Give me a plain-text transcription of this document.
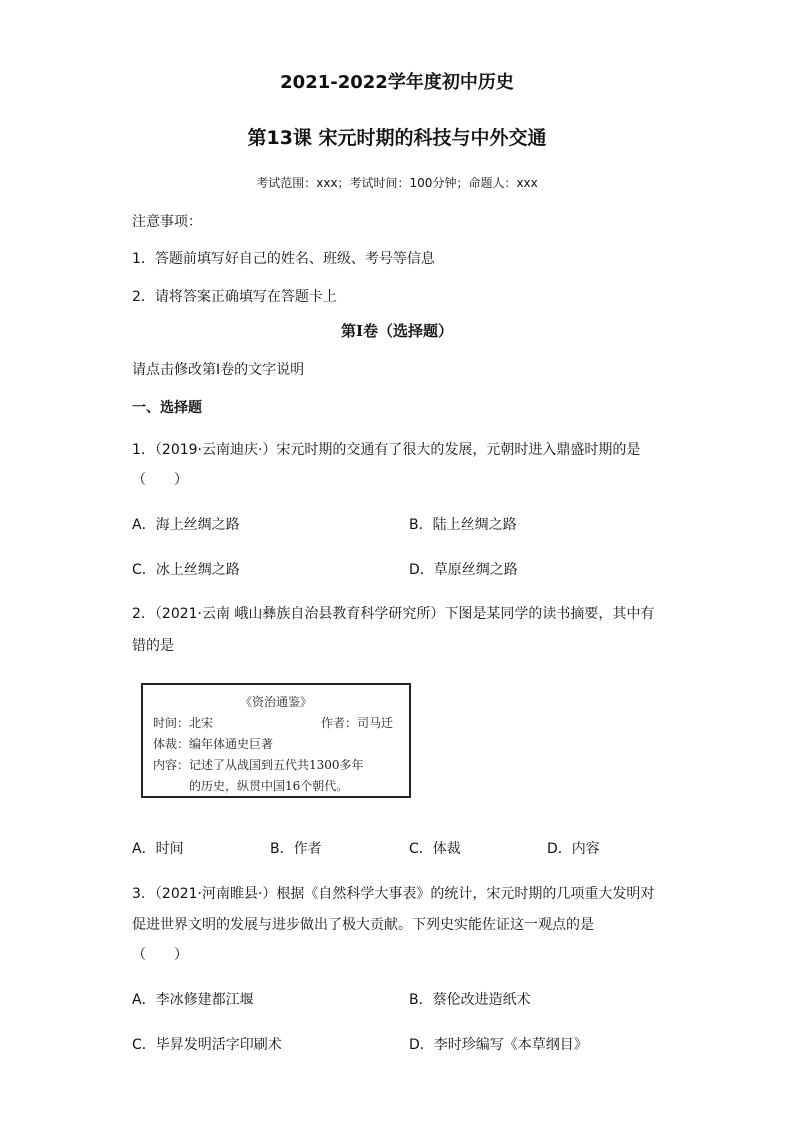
2021-2022学年度初中历史
第13课 宋元时期的科技与中外交通
考试范围：xxx；考试时间：100分钟；命题人：xxx
注意事项：
1．答题前填写好自己的姓名、班级、考号等信息
2．请将答案正确填写在答题卡上
第I卷（选择题）
请点击修改第I卷的文字说明
一、选择题
1．（2019·云南迪庆·）宋元时期的交通有了很大的发展，元朝时进入鼎盛时期的是
（　　）
A．海上丝绸之路	B．陆上丝绸之路
C．冰上丝绸之路	D．草原丝绸之路
2．（2021·云南 峨山彝族自治县教育科学研究所）下图是某同学的读书摘要，其中有
错的是
《资治通鉴》
时间：北宋	作者：司马迁
体裁：编年体通史巨著
内容：记述了从战国到五代共1300多年
的历史，纵贯中国16个朝代。
A．时间	B．作者	C．体裁	D．内容
3．（2021·河南睢县·）根据《自然科学大事表》的统计，宋元时期的几项重大发明对
促进世界文明的发展与进步做出了极大贡献。下列史实能佐证这一观点的是
（　　）
A．李冰修建都江堰	B．蔡伦改进造纸术
C．毕昇发明活字印刷术	D．李时珍编写《本草纲目》
